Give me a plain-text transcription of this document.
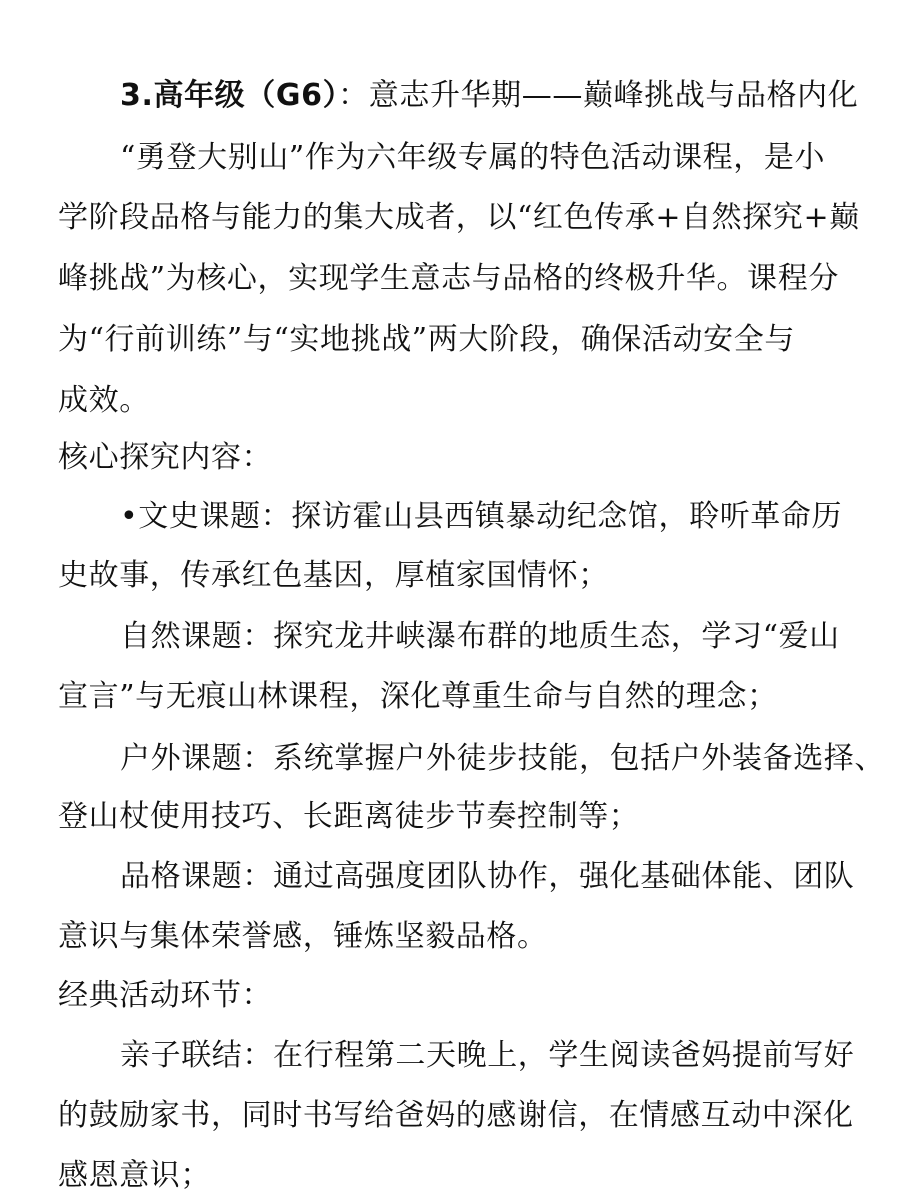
3.高年级（G6）：意志升华期——巅峰挑战与品格内化
“勇登大别山”作为六年级专属的特色活动课程，是小
学阶段品格与能力的集大成者，以“红色传承+自然探究+巅
峰挑战”为核心，实现学生意志与品格的终极升华。课程分
为“行前训练”与“实地挑战”两大阶段，确保活动安全与
成效。
核心探究内容：
•文史课题：探访霍山县西镇暴动纪念馆，聆听革命历
史故事，传承红色基因，厚植家国情怀；
自然课题：探究龙井峡瀑布群的地质生态，学习“爱山
宣言”与无痕山林课程，深化尊重生命与自然的理念；
户外课题：系统掌握户外徒步技能，包括户外装备选择、
登山杖使用技巧、长距离徒步节奏控制等；
品格课题：通过高强度团队协作，强化基础体能、团队
意识与集体荣誉感，锤炼坚毅品格。
经典活动环节：
亲子联结：在行程第二天晚上，学生阅读爸妈提前写好
的鼓励家书，同时书写给爸妈的感谢信，在情感互动中深化
感恩意识；
